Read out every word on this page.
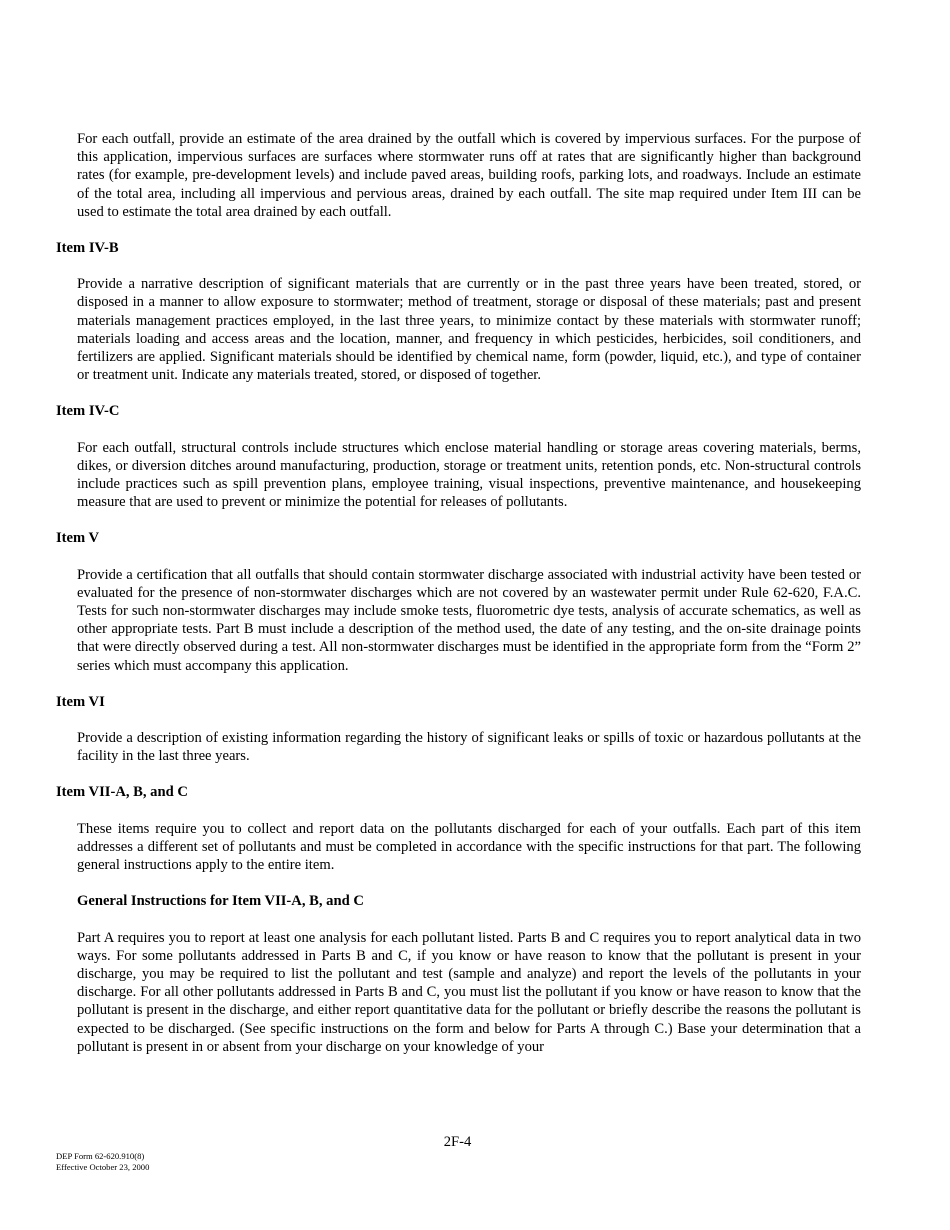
For each outfall, provide an estimate of the area drained by the outfall which is covered by impervious surfaces. For the purpose of this application, impervious surfaces are surfaces where stormwater runs off at rates that are significantly higher than background rates (for example, pre-development levels) and include paved areas, building roofs, parking lots, and roadways. Include an estimate of the total area, including all impervious and pervious areas, drained by each outfall. The site map required under Item III can be used to estimate the total area drained by each outfall.

Item IV-B

Provide a narrative description of significant materials that are currently or in the past three years have been treated, stored, or disposed in a manner to allow exposure to stormwater; method of treatment, storage or disposal of these materials; past and present materials management practices employed, in the last three years, to minimize contact by these materials with stormwater runoff; materials loading and access areas and the location, manner, and frequency in which pesticides, herbicides, soil conditioners, and fertilizers are applied. Significant materials should be identified by chemical name, form (powder, liquid, etc.), and type of container or treatment unit. Indicate any materials treated, stored, or disposed of together.

Item IV-C

For each outfall, structural controls include structures which enclose material handling or storage areas covering materials, berms, dikes, or diversion ditches around manufacturing, production, storage or treatment units, retention ponds, etc. Non-structural controls include practices such as spill prevention plans, employee training, visual inspections, preventive maintenance, and housekeeping measure that are used to prevent or minimize the potential for releases of pollutants.

Item V

Provide a certification that all outfalls that should contain stormwater discharge associated with industrial activity have been tested or evaluated for the presence of non-stormwater discharges which are not covered by an wastewater permit under Rule 62-620, F.A.C. Tests for such non-stormwater discharges may include smoke tests, fluorometric dye tests, analysis of accurate schematics, as well as other appropriate tests. Part B must include a description of the method used, the date of any testing, and the on-site drainage points that were directly observed during a test. All non-stormwater discharges must be identified in the appropriate form from the “Form 2” series which must accompany this application.

Item VI

Provide a description of existing information regarding the history of significant leaks or spills of toxic or hazardous pollutants at the facility in the last three years.

Item VII-A, B, and C

These items require you to collect and report data on the pollutants discharged for each of your outfalls. Each part of this item addresses a different set of pollutants and must be completed in accordance with the specific instructions for that part. The following general instructions apply to the entire item.

General Instructions for Item VII-A, B, and C

Part A requires you to report at least one analysis for each pollutant listed. Parts B and C requires you to report analytical data in two ways. For some pollutants addressed in Parts B and C, if you know or have reason to know that the pollutant is present in your discharge, you may be required to list the pollutant and test (sample and analyze) and report the levels of the pollutants in your discharge. For all other pollutants addressed in Parts B and C, you must list the pollutant if you know or have reason to know that the pollutant is present in the discharge, and either report quantitative data for the pollutant or briefly describe the reasons the pollutant is expected to be discharged. (See specific instructions on the form and below for Parts A through C.) Base your determination that a pollutant is present in or absent from your discharge on your knowledge of your

2F-4
DEP Form 62-620.910(8)
Effective October 23, 2000
